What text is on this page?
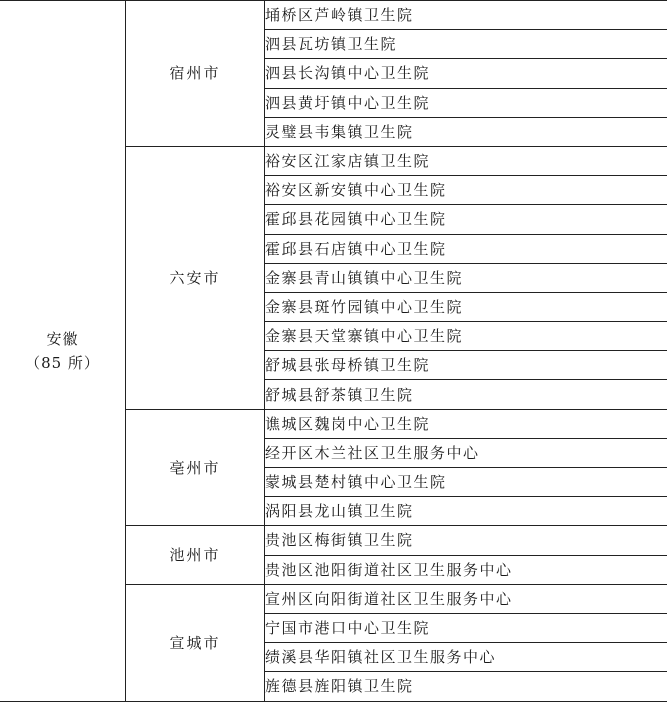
安徽
（85 所）	宿州市	埇桥区芦岭镇卫生院
		泗县瓦坊镇卫生院
		泗县长沟镇中心卫生院
		泗县黄圩镇中心卫生院
		灵璧县韦集镇卫生院
	六安市	裕安区江家店镇卫生院
		裕安区新安镇中心卫生院
		霍邱县花园镇中心卫生院
		霍邱县石店镇中心卫生院
		金寨县青山镇镇中心卫生院
		金寨县斑竹园镇中心卫生院
		金寨县天堂寨镇中心卫生院
		舒城县张母桥镇卫生院
		舒城县舒茶镇卫生院
	亳州市	谯城区魏岗中心卫生院
		经开区木兰社区卫生服务中心
		蒙城县楚村镇中心卫生院
		涡阳县龙山镇卫生院
	池州市	贵池区梅街镇卫生院
		贵池区池阳街道社区卫生服务中心
	宣城市	宣州区向阳街道社区卫生服务中心
		宁国市港口中心卫生院
		绩溪县华阳镇社区卫生服务中心
		旌德县旌阳镇卫生院
